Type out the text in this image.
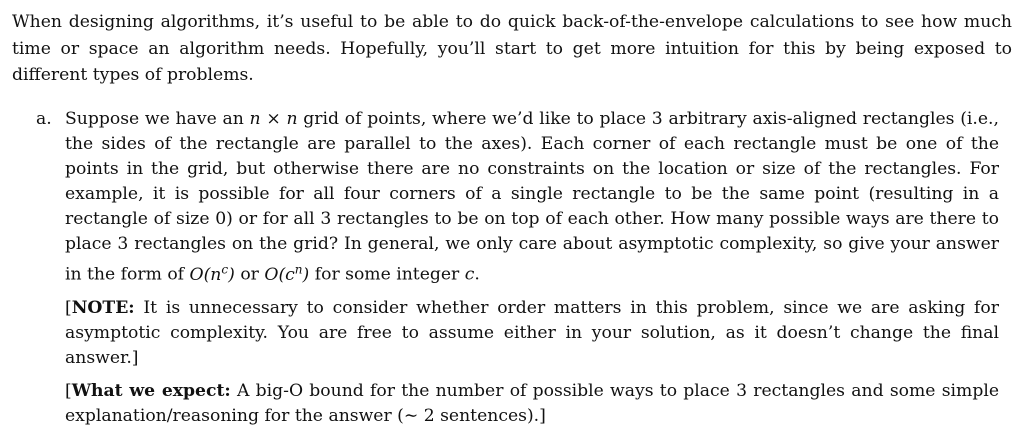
When designing algorithms, it’s useful to be able to do quick back-of-the-envelope calculations to see how much time or space an algorithm needs. Hopefully, you’ll start to get more intuition for this by being exposed to different types of problems.

a. Suppose we have an n × n grid of points, where we’d like to place 3 arbitrary axis-aligned rectangles (i.e., the sides of the rectangle are parallel to the axes). Each corner of each rectangle must be one of the points in the grid, but otherwise there are no constraints on the location or size of the rectangles. For example, it is possible for all four corners of a single rectangle to be the same point (resulting in a rectangle of size 0) or for all 3 rectangles to be on top of each other. How many possible ways are there to place 3 rectangles on the grid? In general, we only care about asymptotic complexity, so give your answer in the form of $O(n^c)$ or $O(c^n)$ for some integer c.

[NOTE: It is unnecessary to consider whether order matters in this problem, since we are asking for asymptotic complexity. You are free to assume either in your solution, as it doesn’t change the final answer.]

[What we expect: A big-O bound for the number of possible ways to place 3 rectangles and some simple explanation/reasoning for the answer (∼ 2 sentences).]
